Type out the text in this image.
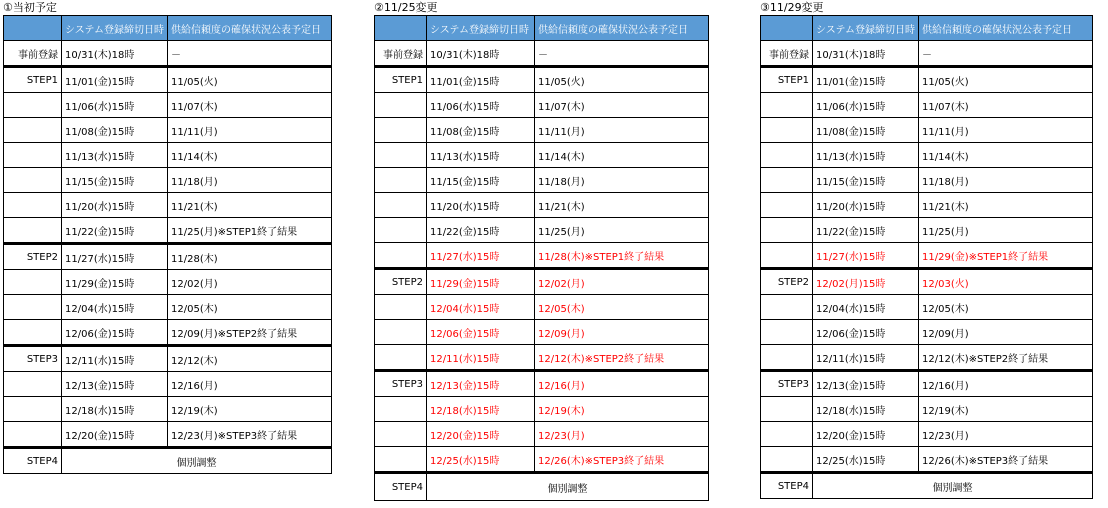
①当初予定
	システム登録締切日時	供給信頼度の確保状況公表予定日
事前登録	10/31(木)18時	－
STEP1	11/01(金)15時	11/05(火)
	11/06(水)15時	11/07(木)
	11/08(金)15時	11/11(月)
	11/13(水)15時	11/14(木)
	11/15(金)15時	11/18(月)
	11/20(水)15時	11/21(木)
	11/22(金)15時	11/25(月)※STEP1終了結果
STEP2	11/27(水)15時	11/28(木)
	11/29(金)15時	12/02(月)
	12/04(水)15時	12/05(木)
	12/06(金)15時	12/09(月)※STEP2終了結果
STEP3	12/11(水)15時	12/12(木)
	12/13(金)15時	12/16(月)
	12/18(水)15時	12/19(木)
	12/20(金)15時	12/23(月)※STEP3終了結果
STEP4	個別調整	
②11/25変更
	システム登録締切日時	供給信頼度の確保状況公表予定日
事前登録	10/31(木)18時	－
STEP1	11/01(金)15時	11/05(火)
	11/06(水)15時	11/07(木)
	11/08(金)15時	11/11(月)
	11/13(水)15時	11/14(木)
	11/15(金)15時	11/18(月)
	11/20(水)15時	11/21(木)
	11/22(金)15時	11/25(月)
	11/27(水)15時	11/28(木)※STEP1終了結果
STEP2	11/29(金)15時	12/02(月)
	12/04(水)15時	12/05(木)
	12/06(金)15時	12/09(月)
	12/11(水)15時	12/12(木)※STEP2終了結果
STEP3	12/13(金)15時	12/16(月)
	12/18(水)15時	12/19(木)
	12/20(金)15時	12/23(月)
	12/25(水)15時	12/26(木)※STEP3終了結果
STEP4	個別調整	
③11/29変更
	システム登録締切日時	供給信頼度の確保状況公表予定日
事前登録	10/31(木)18時	－
STEP1	11/01(金)15時	11/05(火)
	11/06(水)15時	11/07(木)
	11/08(金)15時	11/11(月)
	11/13(水)15時	11/14(木)
	11/15(金)15時	11/18(月)
	11/20(水)15時	11/21(木)
	11/22(金)15時	11/25(月)
	11/27(水)15時	11/29(金)※STEP1終了結果
STEP2	12/02(月)15時	12/03(火)
	12/04(水)15時	12/05(木)
	12/06(金)15時	12/09(月)
	12/11(水)15時	12/12(木)※STEP2終了結果
STEP3	12/13(金)15時	12/16(月)
	12/18(水)15時	12/19(木)
	12/20(金)15時	12/23(月)
	12/25(水)15時	12/26(木)※STEP3終了結果
STEP4	個別調整	
